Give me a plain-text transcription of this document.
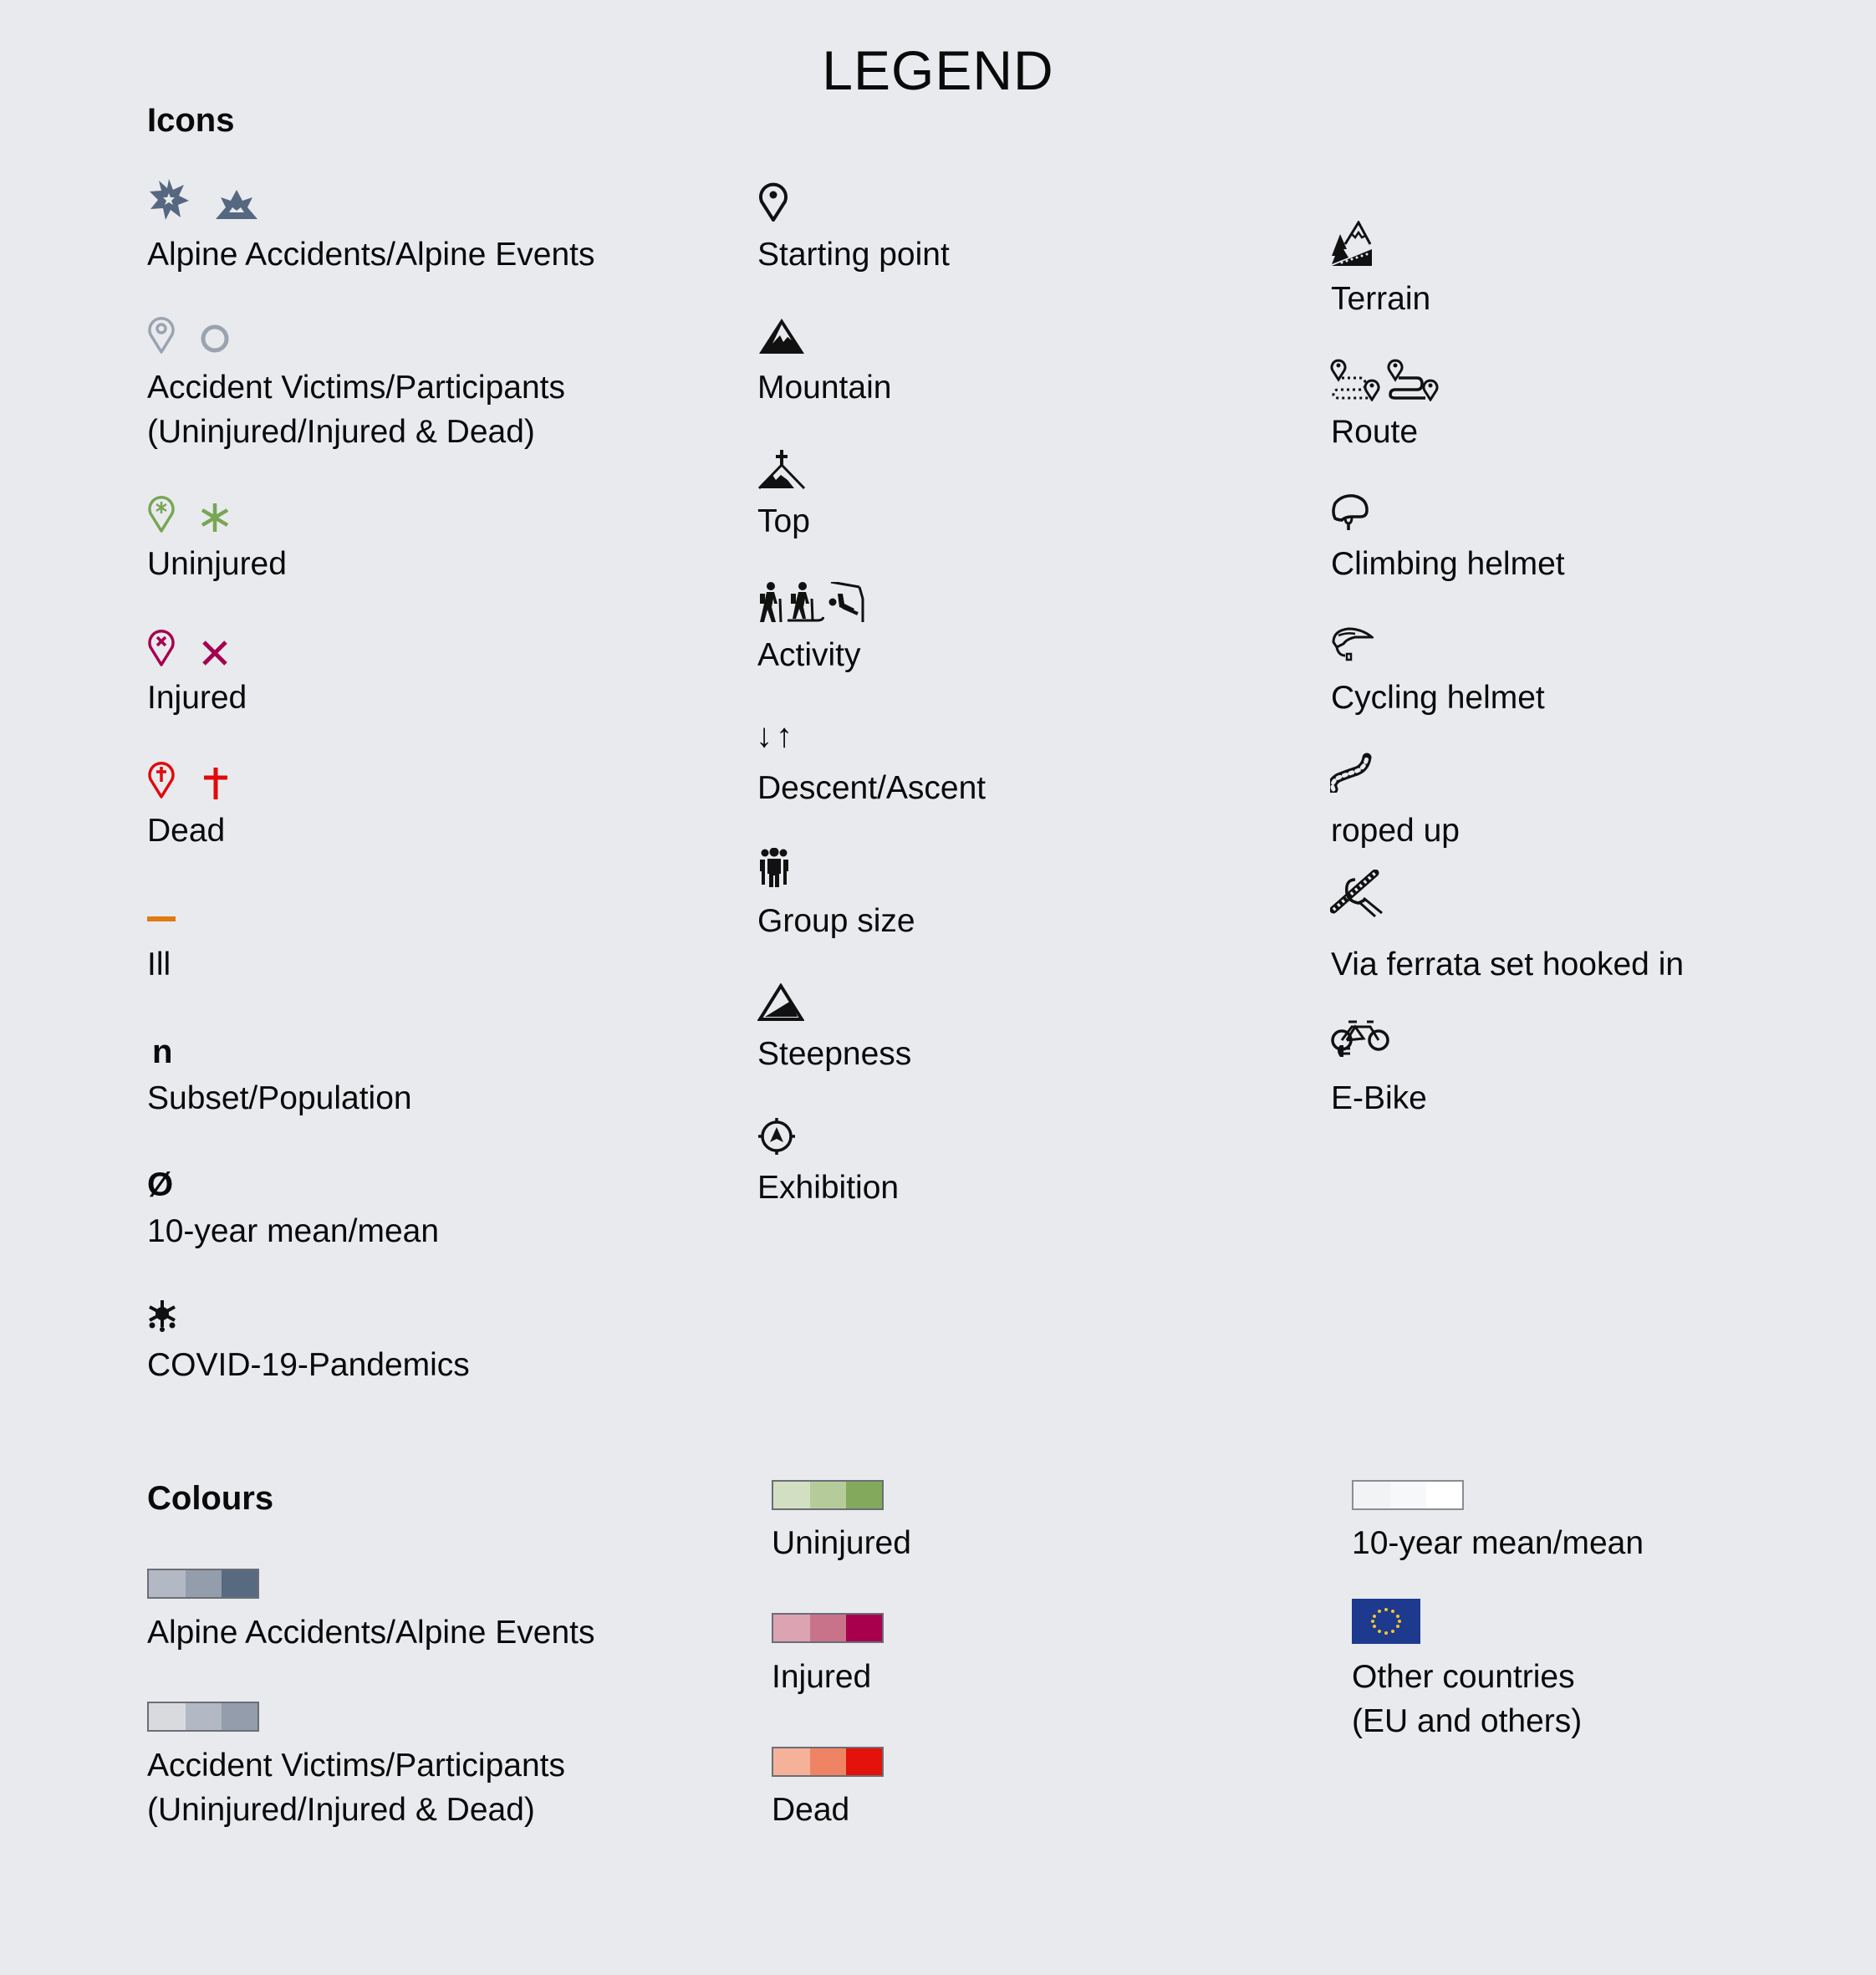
LEGEND
Icons
Alpine Accidents/Alpine Events
Accident Victims/Participants
(Uninjured/Injured & Dead)
Uninjured
Injured
Dead
Ill
n
Subset/Population
Ø
10-year mean/mean
COVID-19-Pandemics
Starting point
Mountain
Top
Activity
↓↑
Descent/Ascent
Group size
Steepness
Exhibition
Terrain
Route
Climbing helmet
Cycling helmet
roped up
Via ferrata set hooked in
E-Bike
Colours
Alpine Accidents/Alpine Events
Accident Victims/Participants
(Uninjured/Injured & Dead)
Uninjured
Injured
Dead
10-year mean/mean
Other countries
(EU and others)
